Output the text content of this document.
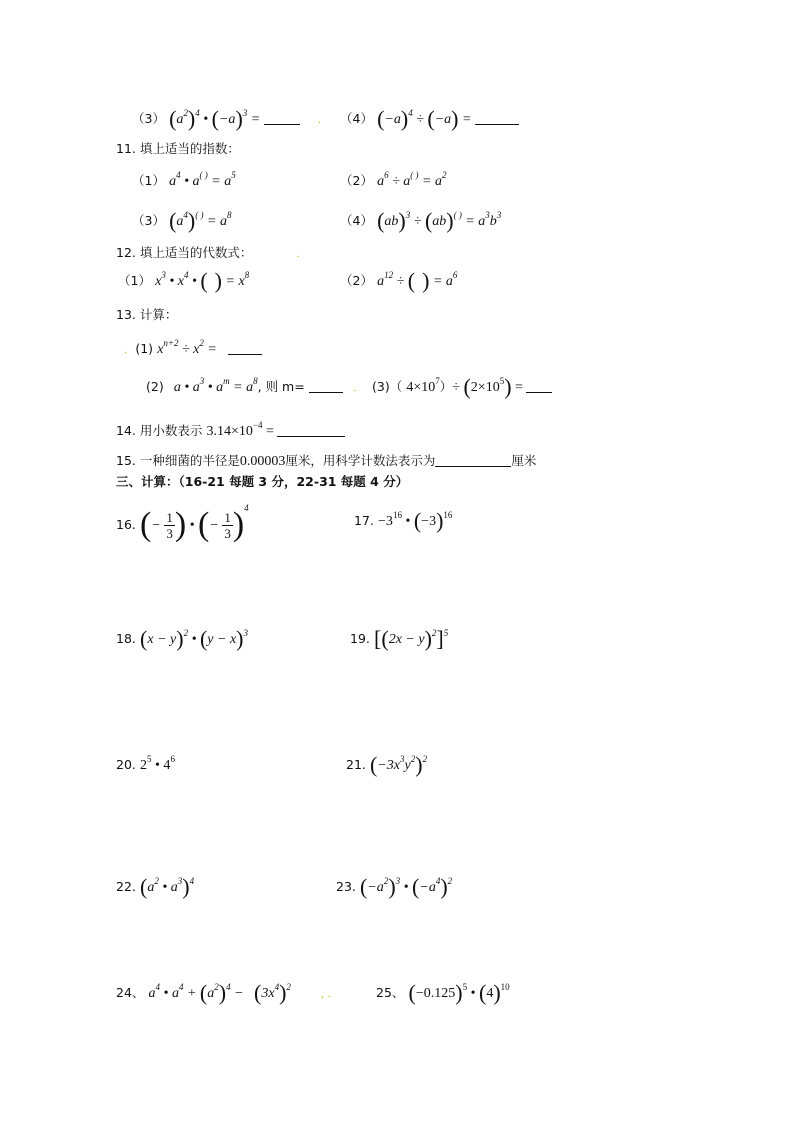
（3） $(a^2)^4$ • $(-a)^3$ =	. （4） $(-a)^4 \div (-a)$ =
11. 填上适当的指数：
（1） $a^4$ • $a^{( )} = a^5$	（2） $a^6 \div a^{( )} = a^2$
（3） $(a^4)^{( )} = a^8$	（4） $(ab)^3 \div (ab)^{( )} = a^3b^3$
12. 填上适当的代数式：	.
（1） $x^3$ • $x^4$ • ( ) = $x^8$	（2） $a^{12}$ ÷ ( ) = $a^6$
13. 计算：
. (1) $x^{n+2} \div x^2$ =
(2) a • $a^3$ • $a^m = a^8$, 则 m=	. (3)（ $4\times 10^7)\div (2\times 10^5)$ =
14. 用小数表示 $3.14\times 10^{-4}$ =
15. 一种细菌的半径是0.00003厘米，用科学计数法表示为	厘米
三、计算：（16-21 每题 3 分，22-31 每题 4 分）
16. (− $\frac{1}{3}$ ) • (− $\frac{1}{3} )^4$
17. $-3^{16}$ • $(-3)^{16}$
18. $(x - y)^2$ • $(y - x)^3$	19. $[(2x - y)^2]^5$
20. $2^5$ • $4^6$	21. $(-3x^3y^2)^2$
22. ($a^2$ • $a^3)^4$	23. $(-a^2)^3$ • $(-a^4)^2$
24、 $a^4$ • $a^4 + (a^2)^4 - (3x^4)^2$ , .	25、 $(-0.125)^5$ • $(4)^{10}$
